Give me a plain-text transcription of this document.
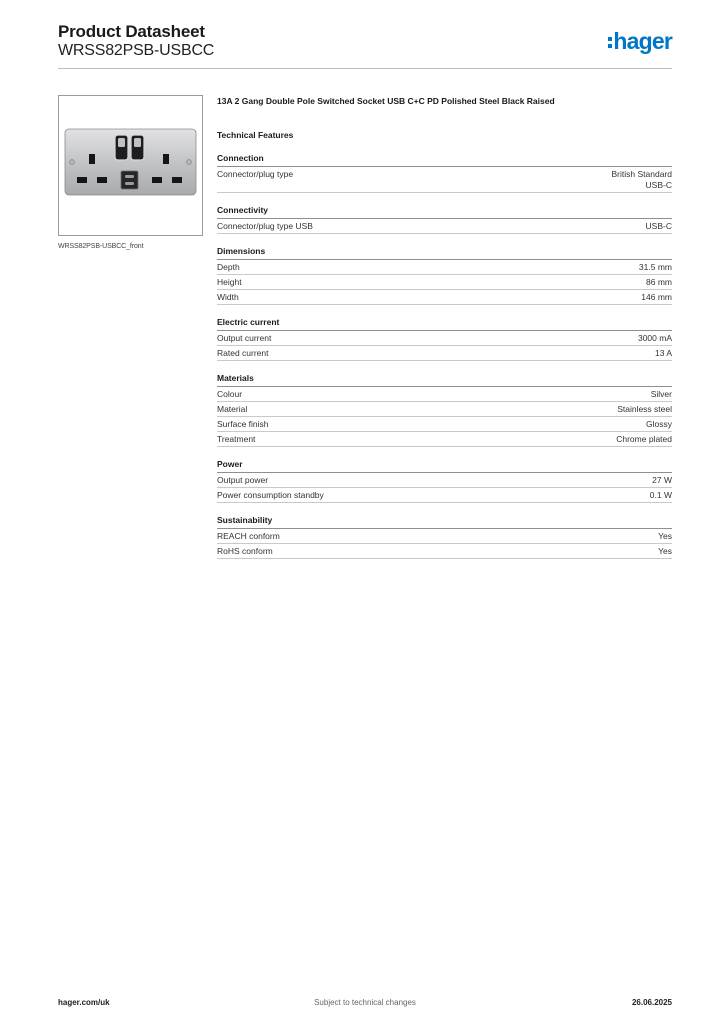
Product Datasheet
WRSS82PSB-USBCC	hager
WRSS82PSB-USBCC_front
13A 2 Gang Double Pole Switched Socket USB C+C PD Polished Steel Black Raised
Technical Features
Connection
Connector/plug type	British Standard
USB-C
Connectivity
Connector/plug type USB	USB-C
Dimensions
Depth	31.5 mm
Height	86 mm
Width	146 mm
Electric current
Output current	3000 mA
Rated current	13 A
Materials
Colour	Silver
Material	Stainless steel
Surface finish	Glossy
Treatment	Chrome plated
Power
Output power	27 W
Power consumption standby	0.1 W
Sustainability
REACH conform	Yes
RoHS conform	Yes
hager.com/uk	Subject to technical changes	26.06.2025
